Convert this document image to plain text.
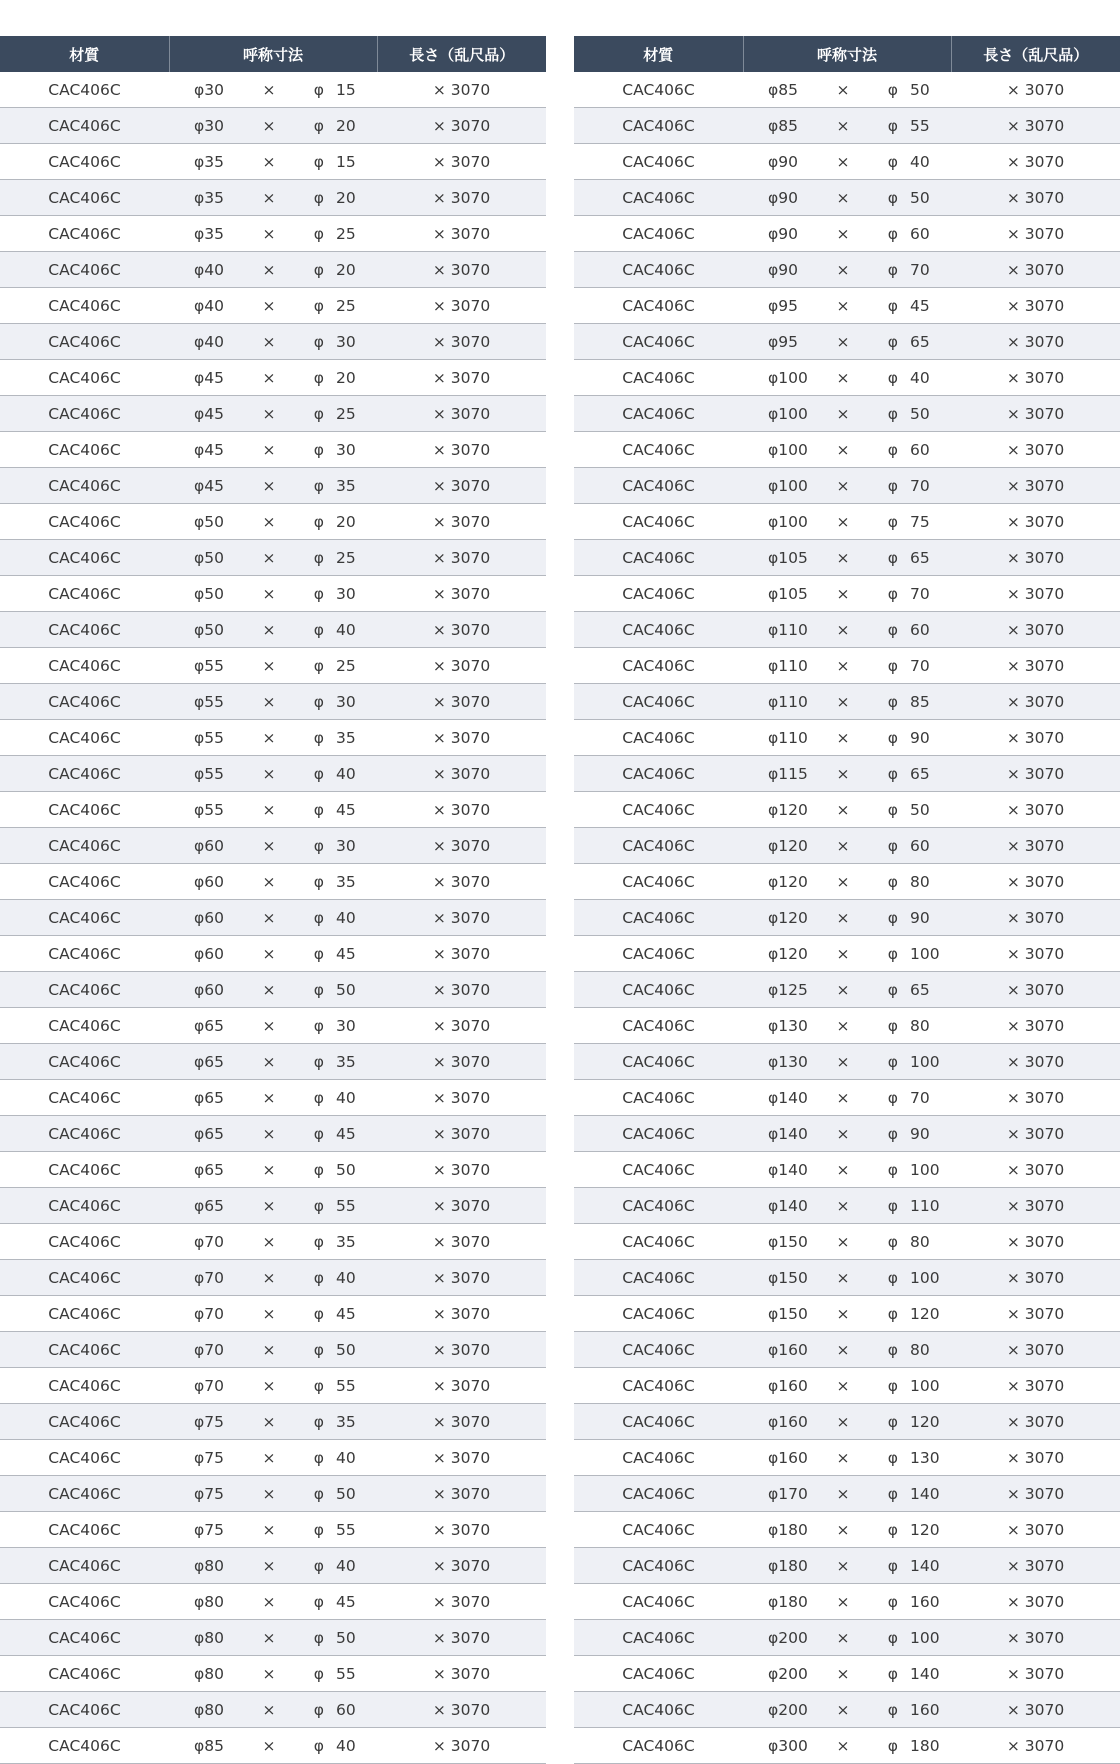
材質	呼称寸法				長さ（乱尺品）
CAC406C	φ30	×	φ	15	× 3070
CAC406C	φ30	×	φ	20	× 3070
CAC406C	φ35	×	φ	15	× 3070
CAC406C	φ35	×	φ	20	× 3070
CAC406C	φ35	×	φ	25	× 3070
CAC406C	φ40	×	φ	20	× 3070
CAC406C	φ40	×	φ	25	× 3070
CAC406C	φ40	×	φ	30	× 3070
CAC406C	φ45	×	φ	20	× 3070
CAC406C	φ45	×	φ	25	× 3070
CAC406C	φ45	×	φ	30	× 3070
CAC406C	φ45	×	φ	35	× 3070
CAC406C	φ50	×	φ	20	× 3070
CAC406C	φ50	×	φ	25	× 3070
CAC406C	φ50	×	φ	30	× 3070
CAC406C	φ50	×	φ	40	× 3070
CAC406C	φ55	×	φ	25	× 3070
CAC406C	φ55	×	φ	30	× 3070
CAC406C	φ55	×	φ	35	× 3070
CAC406C	φ55	×	φ	40	× 3070
CAC406C	φ55	×	φ	45	× 3070
CAC406C	φ60	×	φ	30	× 3070
CAC406C	φ60	×	φ	35	× 3070
CAC406C	φ60	×	φ	40	× 3070
CAC406C	φ60	×	φ	45	× 3070
CAC406C	φ60	×	φ	50	× 3070
CAC406C	φ65	×	φ	30	× 3070
CAC406C	φ65	×	φ	35	× 3070
CAC406C	φ65	×	φ	40	× 3070
CAC406C	φ65	×	φ	45	× 3070
CAC406C	φ65	×	φ	50	× 3070
CAC406C	φ65	×	φ	55	× 3070
CAC406C	φ70	×	φ	35	× 3070
CAC406C	φ70	×	φ	40	× 3070
CAC406C	φ70	×	φ	45	× 3070
CAC406C	φ70	×	φ	50	× 3070
CAC406C	φ70	×	φ	55	× 3070
CAC406C	φ75	×	φ	35	× 3070
CAC406C	φ75	×	φ	40	× 3070
CAC406C	φ75	×	φ	50	× 3070
CAC406C	φ75	×	φ	55	× 3070
CAC406C	φ80	×	φ	40	× 3070
CAC406C	φ80	×	φ	45	× 3070
CAC406C	φ80	×	φ	50	× 3070
CAC406C	φ80	×	φ	55	× 3070
CAC406C	φ80	×	φ	60	× 3070
CAC406C	φ85	×	φ	40	× 3070
材質	呼称寸法				長さ（乱尺品）
CAC406C	φ85	×	φ	50	× 3070
CAC406C	φ85	×	φ	55	× 3070
CAC406C	φ90	×	φ	40	× 3070
CAC406C	φ90	×	φ	50	× 3070
CAC406C	φ90	×	φ	60	× 3070
CAC406C	φ90	×	φ	70	× 3070
CAC406C	φ95	×	φ	45	× 3070
CAC406C	φ95	×	φ	65	× 3070
CAC406C	φ100	×	φ	40	× 3070
CAC406C	φ100	×	φ	50	× 3070
CAC406C	φ100	×	φ	60	× 3070
CAC406C	φ100	×	φ	70	× 3070
CAC406C	φ100	×	φ	75	× 3070
CAC406C	φ105	×	φ	65	× 3070
CAC406C	φ105	×	φ	70	× 3070
CAC406C	φ110	×	φ	60	× 3070
CAC406C	φ110	×	φ	70	× 3070
CAC406C	φ110	×	φ	85	× 3070
CAC406C	φ110	×	φ	90	× 3070
CAC406C	φ115	×	φ	65	× 3070
CAC406C	φ120	×	φ	50	× 3070
CAC406C	φ120	×	φ	60	× 3070
CAC406C	φ120	×	φ	80	× 3070
CAC406C	φ120	×	φ	90	× 3070
CAC406C	φ120	×	φ	100	× 3070
CAC406C	φ125	×	φ	65	× 3070
CAC406C	φ130	×	φ	80	× 3070
CAC406C	φ130	×	φ	100	× 3070
CAC406C	φ140	×	φ	70	× 3070
CAC406C	φ140	×	φ	90	× 3070
CAC406C	φ140	×	φ	100	× 3070
CAC406C	φ140	×	φ	110	× 3070
CAC406C	φ150	×	φ	80	× 3070
CAC406C	φ150	×	φ	100	× 3070
CAC406C	φ150	×	φ	120	× 3070
CAC406C	φ160	×	φ	80	× 3070
CAC406C	φ160	×	φ	100	× 3070
CAC406C	φ160	×	φ	120	× 3070
CAC406C	φ160	×	φ	130	× 3070
CAC406C	φ170	×	φ	140	× 3070
CAC406C	φ180	×	φ	120	× 3070
CAC406C	φ180	×	φ	140	× 3070
CAC406C	φ180	×	φ	160	× 3070
CAC406C	φ200	×	φ	100	× 3070
CAC406C	φ200	×	φ	140	× 3070
CAC406C	φ200	×	φ	160	× 3070
CAC406C	φ300	×	φ	180	× 3070
